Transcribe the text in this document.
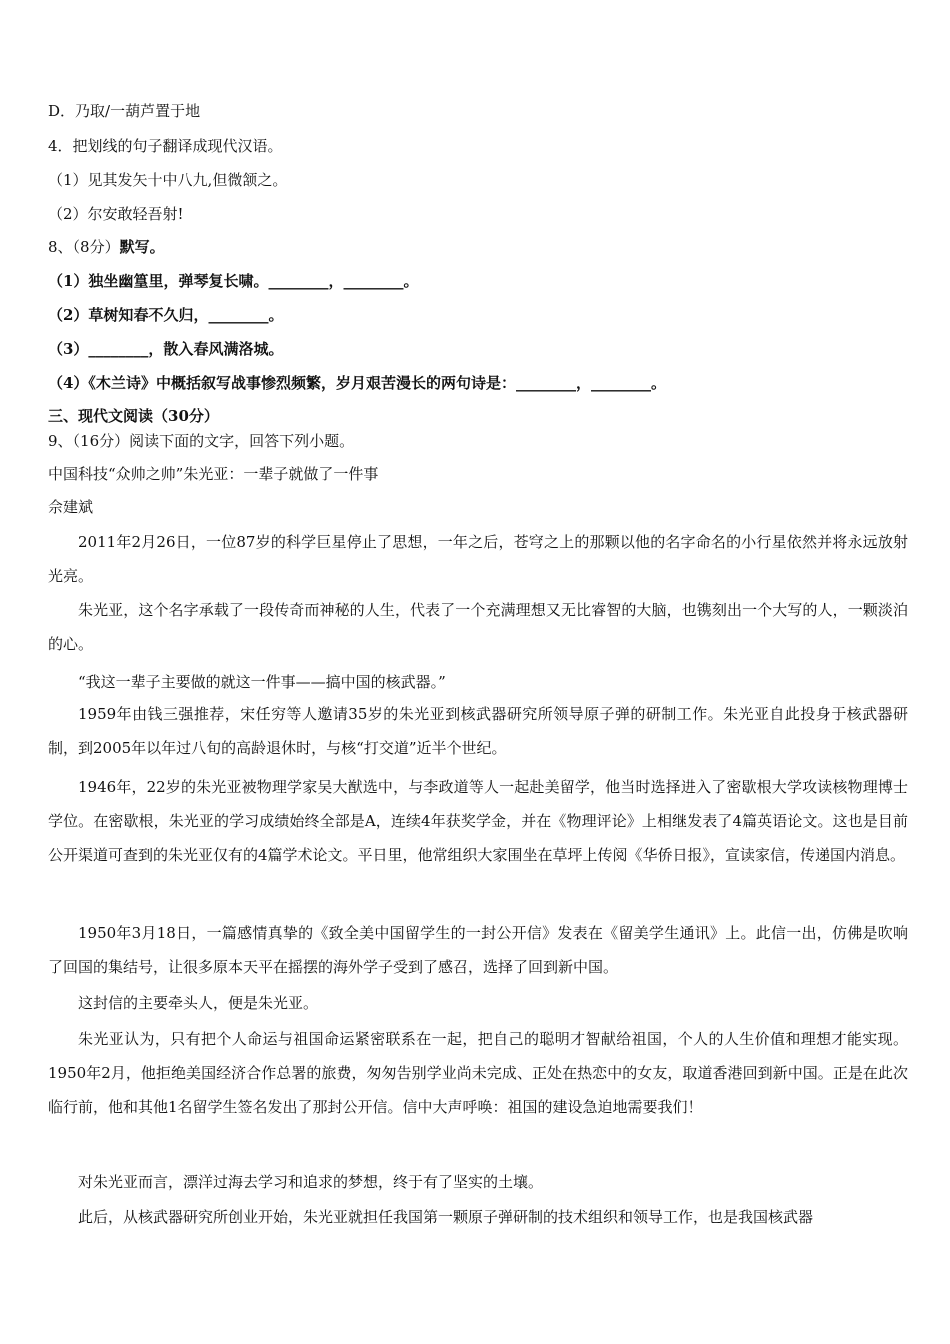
D．乃取/一葫芦置于地
4．把划线的句子翻译成现代汉语。
（1）见其发矢十中八九,但微颔之。
（2）尔安敢轻吾射!
8、（8分）默写。
（1）独坐幽篁里，弹琴复长啸。________，________。
（2）草树知春不久归，________。
（3）________，散入春风满洛城。
（4）《木兰诗》中概括叙写战事惨烈频繁，岁月艰苦漫长的两句诗是：________，________。
三、现代文阅读（30分）
9、（16分）阅读下面的文字，回答下列小题。
中国科技“众帅之帅”朱光亚：一辈子就做了一件事
佘建斌
2011年2月26日，一位87岁的科学巨星停止了思想，一年之后，苍穹之上的那颗以他的名字命名的小行星依然并将永远放射光亮。
朱光亚，这个名字承载了一段传奇而神秘的人生，代表了一个充满理想又无比睿智的大脑，也镌刻出一个大写的人，一颗淡泊的心。
“我这一辈子主要做的就这一件事——搞中国的核武器。”
1959年由钱三强推荐，宋任穷等人邀请35岁的朱光亚到核武器研究所领导原子弹的研制工作。朱光亚自此投身于核武器研制，到2005年以年过八旬的高龄退休时，与核“打交道”近半个世纪。
1946年，22岁的朱光亚被物理学家吴大猷选中，与李政道等人一起赴美留学，他当时选择进入了密歇根大学攻读核物理博士学位。在密歇根，朱光亚的学习成绩始终全部是A，连续4年获奖学金，并在《物理评论》上相继发表了4篇英语论文。这也是目前公开渠道可查到的朱光亚仅有的4篇学术论文。平日里，他常组织大家围坐在草坪上传阅《华侨日报》，宣读家信，传递国内消息。
1950年3月18日，一篇感情真挚的《致全美中国留学生的一封公开信》发表在《留美学生通讯》上。此信一出，仿佛是吹响了回国的集结号，让很多原本天平在摇摆的海外学子受到了感召，选择了回到新中国。
这封信的主要牵头人，便是朱光亚。
朱光亚认为，只有把个人命运与祖国命运紧密联系在一起，把自己的聪明才智献给祖国，个人的人生价值和理想才能实现。1950年2月，他拒绝美国经济合作总署的旅费，匆匆告别学业尚未完成、正处在热恋中的女友，取道香港回到新中国。正是在此次临行前，他和其他1名留学生签名发出了那封公开信。信中大声呼唤：祖国的建设急迫地需要我们！
对朱光亚而言，漂洋过海去学习和追求的梦想，终于有了坚实的土壤。
此后，从核武器研究所创业开始，朱光亚就担任我国第一颗原子弹研制的技术组织和领导工作，也是我国核武器
